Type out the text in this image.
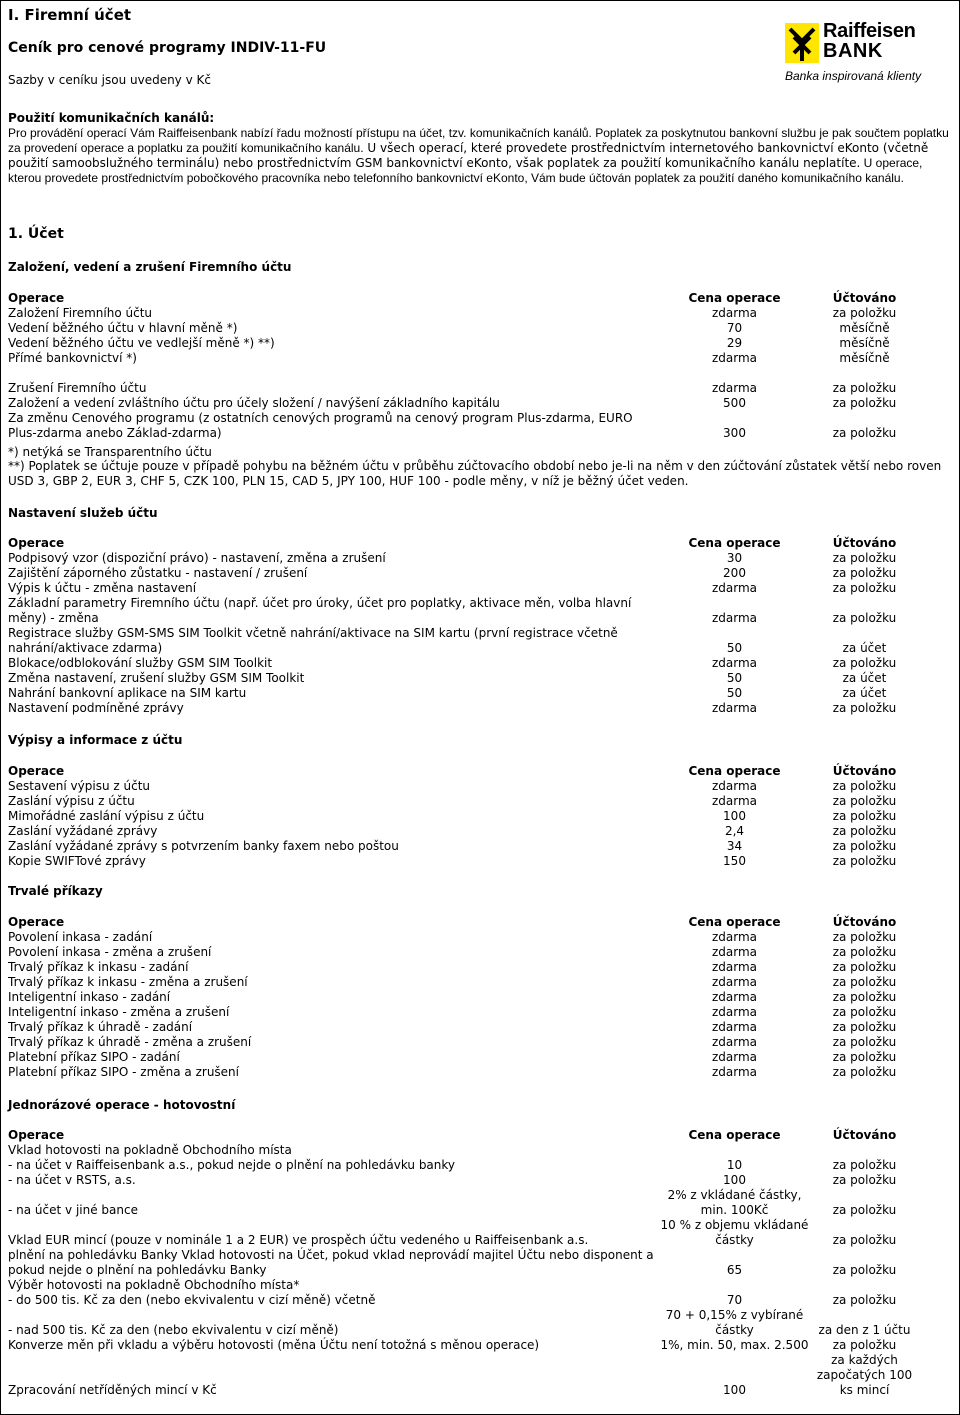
I. Firemní účet
Ceník pro cenové programy INDIV-11-FU
Sazby v ceníku jsou uvedeny v Kč
Raiffeisen
BANK
Banka inspirovaná klienty
Použití komunikačních kanálů:
Pro provádění operací Vám Raiffeisenbank nabízí řadu možností přístupu na účet, tzv. komunikačních kanálů. Poplatek za poskytnutou bankovní službu je pak součtem poplatku za provedení operace a poplatku za použití komunikačního kanálu. U všech operací, které provedete prostřednictvím internetového bankovnictví eKonto (včetně použití samoobslužného terminálu) nebo prostřednictvím GSM bankovnictví eKonto, však poplatek za použití komunikačního kanálu neplatíte. U operace, kterou provedete prostřednictvím pobočkového pracovníka nebo telefonního bankovnictví eKonto, Vám bude účtován poplatek za použití daného komunikačního kanálu.
1. Účet
Založení, vedení a zrušení Firemního účtu
Operace	Cena operace	Účtováno
Založení Firemního účtu	zdarma	za položku
Vedení běžného účtu v hlavní měně *)	70	měsíčně
Vedení běžného účtu ve vedlejší měně *) **)	29	měsíčně
Přímé bankovnictví *)	zdarma	měsíčně

Zrušení Firemního účtu	zdarma	za položku
Založení a vedení zvláštního účtu pro účely složení / navýšení základního kapitálu	500	za položku
Za změnu Cenového programu (z ostatních cenových programů na cenový program Plus-zdarma, EURO Plus-zdarma anebo Základ-zdarma)	300	za položku
*) netýká se Transparentního účtu
**) Poplatek se účtuje pouze v případě pohybu na běžném účtu v průběhu zúčtovacího období nebo je-li na něm v den zúčtování zůstatek větší nebo roven USD 3, GBP 2, EUR 3, CHF 5, CZK 100, PLN 15, CAD 5, JPY 100, HUF 100 - podle měny, v níž je běžný účet veden.
Nastavení služeb účtu
Operace	Cena operace	Účtováno
Podpisový vzor (dispoziční právo) - nastavení, změna a zrušení	30	za položku
Zajištění záporného zůstatku - nastavení / zrušení	200	za položku
Výpis k účtu - změna nastavení	zdarma	za položku
Základní parametry Firemního účtu (např. účet pro úroky, účet pro poplatky, aktivace měn, volba hlavní měny) - změna	zdarma	za položku
Registrace služby GSM-SMS SIM Toolkit včetně nahrání/aktivace na SIM kartu (první registrace včetně nahrání/aktivace zdarma)	50	za účet
Blokace/odblokování služby GSM SIM Toolkit	zdarma	za položku
Změna nastavení, zrušení služby GSM SIM Toolkit	50	za účet
Nahrání bankovní aplikace na SIM kartu	50	za účet
Nastavení podmíněné zprávy	zdarma	za položku
Výpisy a informace z účtu
Operace	Cena operace	Účtováno
Sestavení výpisu z účtu	zdarma	za položku
Zaslání výpisu z účtu	zdarma	za položku
Mimořádné zaslání výpisu z účtu	100	za položku
Zaslání vyžádané zprávy	2,4	za položku
Zaslání vyžádané zprávy s potvrzením banky faxem nebo poštou	34	za položku
Kopie SWIFTové zprávy	150	za položku
Trvalé příkazy
Operace	Cena operace	Účtováno
Povolení inkasa - zadání	zdarma	za položku
Povolení inkasa - změna a zrušení	zdarma	za položku
Trvalý příkaz k inkasu - zadání	zdarma	za položku
Trvalý příkaz k inkasu - změna a zrušení	zdarma	za položku
Inteligentní inkaso - zadání	zdarma	za položku
Inteligentní inkaso - změna a zrušení	zdarma	za položku
Trvalý příkaz k úhradě - zadání	zdarma	za položku
Trvalý příkaz k úhradě - změna a zrušení	zdarma	za položku
Platební příkaz SIPO - zadání	zdarma	za položku
Platební příkaz SIPO - změna a zrušení	zdarma	za položku
Jednorázové operace - hotovostní
Operace	Cena operace	Účtováno
Vklad hotovosti na pokladně Obchodního místa		
- na účet v Raiffeisenbank a.s., pokud nejde o plnění na pohledávku banky	10	za položku
- na účet v RSTS, a.s.	100	za položku
- na účet v jiné bance	2% z vkládané částky, min. 100Kč	za položku
Vklad EUR mincí (pouze v nominále 1 a 2 EUR) ve prospěch účtu vedeného u Raiffeisenbank a.s.	10 % z objemu vkládané částky	za položku
plnění na pohledávku Banky Vklad hotovosti na Účet, pokud vklad neprovádí majitel Účtu nebo disponent a pokud nejde o plnění na pohledávku Banky	65	za položku
Výběr hotovosti na pokladně Obchodního místa*		
- do 500 tis. Kč za den (nebo ekvivalentu v cizí měně) včetně	70	za položku
- nad 500 tis. Kč za den (nebo ekvivalentu v cizí měně)	70 + 0,15% z vybírané částky	za den z 1 účtu
Konverze měn při vkladu a výběru hotovosti (měna Účtu není totožná s měnou operace)	1%, min. 50, max. 2.500	za položku
Zpracování netříděných mincí v Kč	100	za každých započatých 100 ks mincí
